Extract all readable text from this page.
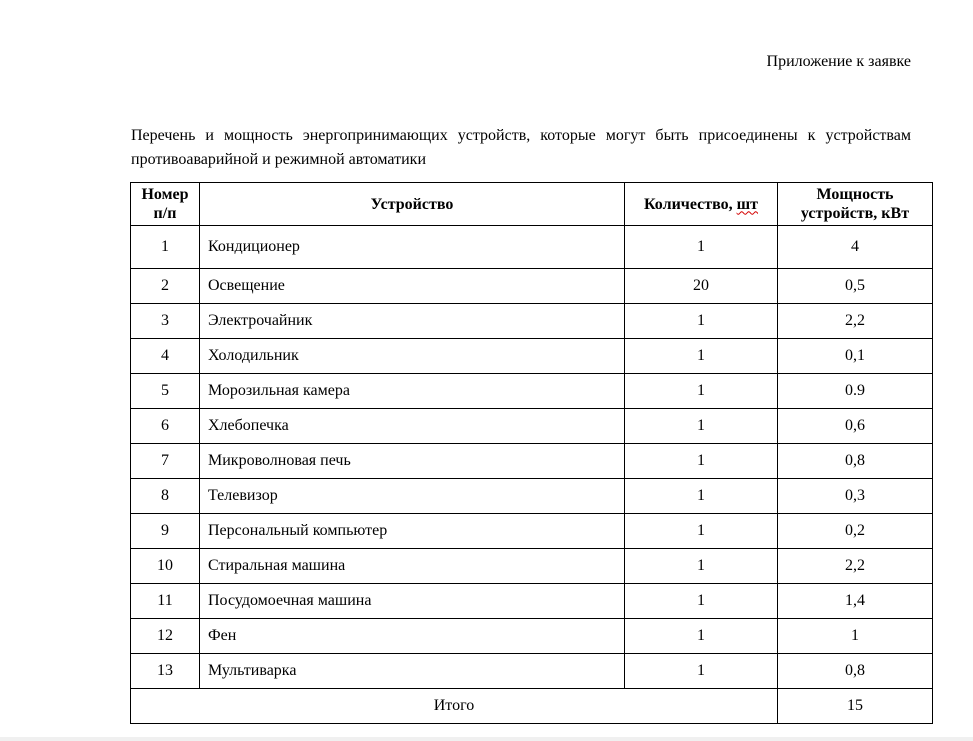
Приложение к заявке
Перечень и мощность энергопринимающих устройств, которые могут быть присоединены к устройствам противоаварийной и режимной автоматики
Номер
п/п	Устройство	Количество, шт	Мощность
устройств, кВт
1	Кондиционер	1	4
2	Освещение	20	0,5
3	Электрочайник	1	2,2
4	Холодильник	1	0,1
5	Морозильная камера	1	0.9
6	Хлебопечка	1	0,6
7	Микроволновая печь	1	0,8
8	Телевизор	1	0,3
9	Персональный компьютер	1	0,2
10	Стиральная машина	1	2,2
11	Посудомоечная машина	1	1,4
12	Фен	1	1
13	Мультиварка	1	0,8
Итого			15
